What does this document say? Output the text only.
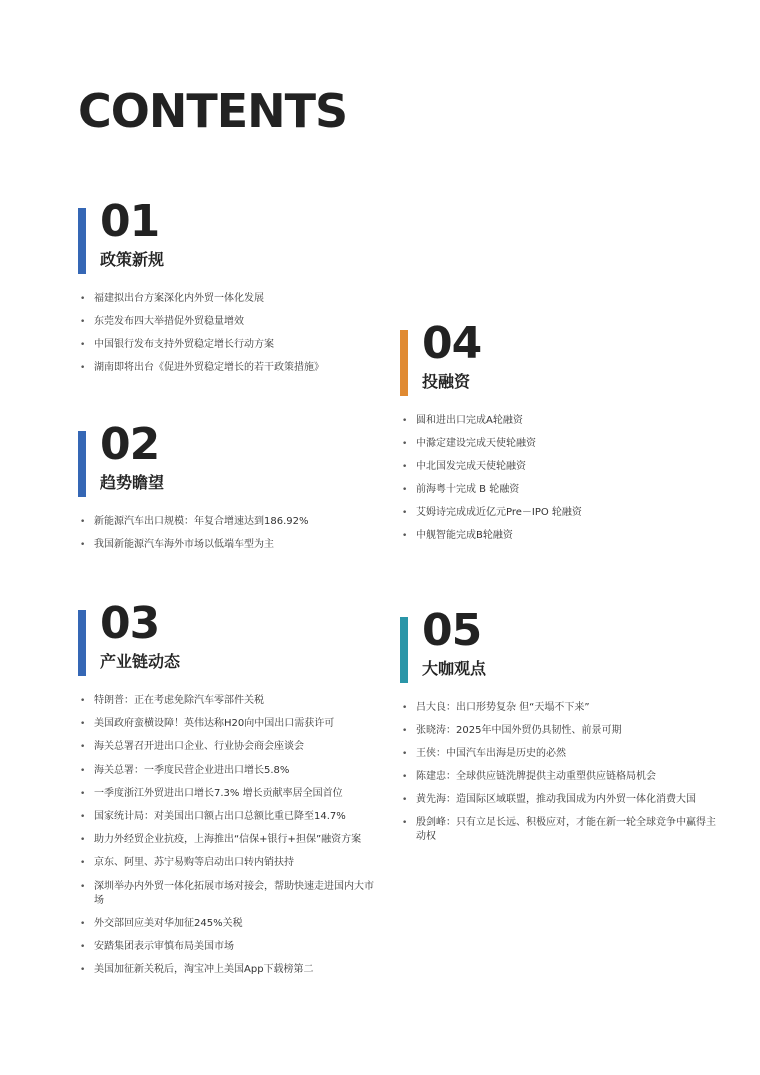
CONTENTS
01
政策新规
• 福建拟出台方案深化内外贸一体化发展
• 东莞发布四大举措促外贸稳量增效
• 中国银行发布支持外贸稳定增长行动方案
• 湖南即将出台《促进外贸稳定增长的若干政策措施》
02
趋势瞻望
• 新能源汽车出口规模：年复合增速达到186.92%
• 我国新能源汽车海外市场以低端车型为主
03
产业链动态
• 特朗普：正在考虑免除汽车零部件关税
• 美国政府蛮横设障！英伟达称H20向中国出口需获许可
• 海关总署召开进出口企业、行业协会商会座谈会
• 海关总署：一季度民营企业进出口增长5.8%
• 一季度浙江外贸进出口增长7.3% 增长贡献率居全国首位
• 国家统计局：对美国出口额占出口总额比重已降至14.7%
• 助力外经贸企业抗疫，上海推出“信保+银行+担保”融资方案
• 京东、阿里、苏宁易购等启动出口转内销扶持
• 深圳举办内外贸一体化拓展市场对接会，帮助快速走进国内大市场
• 外交部回应美对华加征245%关税
• 安踏集团表示审慎布局美国市场
• 美国加征新关税后，淘宝冲上美国App下载榜第二
04
投融资
• 圆和进出口完成A轮融资
• 中滁定建设完成天使轮融资
• 中北国发完成天使轮融资
• 前海粤十完成 B 轮融资
• 艾姆诗完成成近亿元Pre－IPO 轮融资
• 中舰智能完成B轮融资
05
大咖观点
• 吕大良：出口形势复杂 但“天塌不下来”
• 张晓涛：2025年中国外贸仍具韧性、前景可期
• 王侠：中国汽车出海是历史的必然
• 陈建忠：全球供应链洗牌提供主动重塑供应链格局机会
• 黄先海：造国际区域联盟，推动我国成为内外贸一体化消费大国
• 殷剑峰：只有立足长远、积极应对，才能在新一轮全球竞争中赢得主动权
